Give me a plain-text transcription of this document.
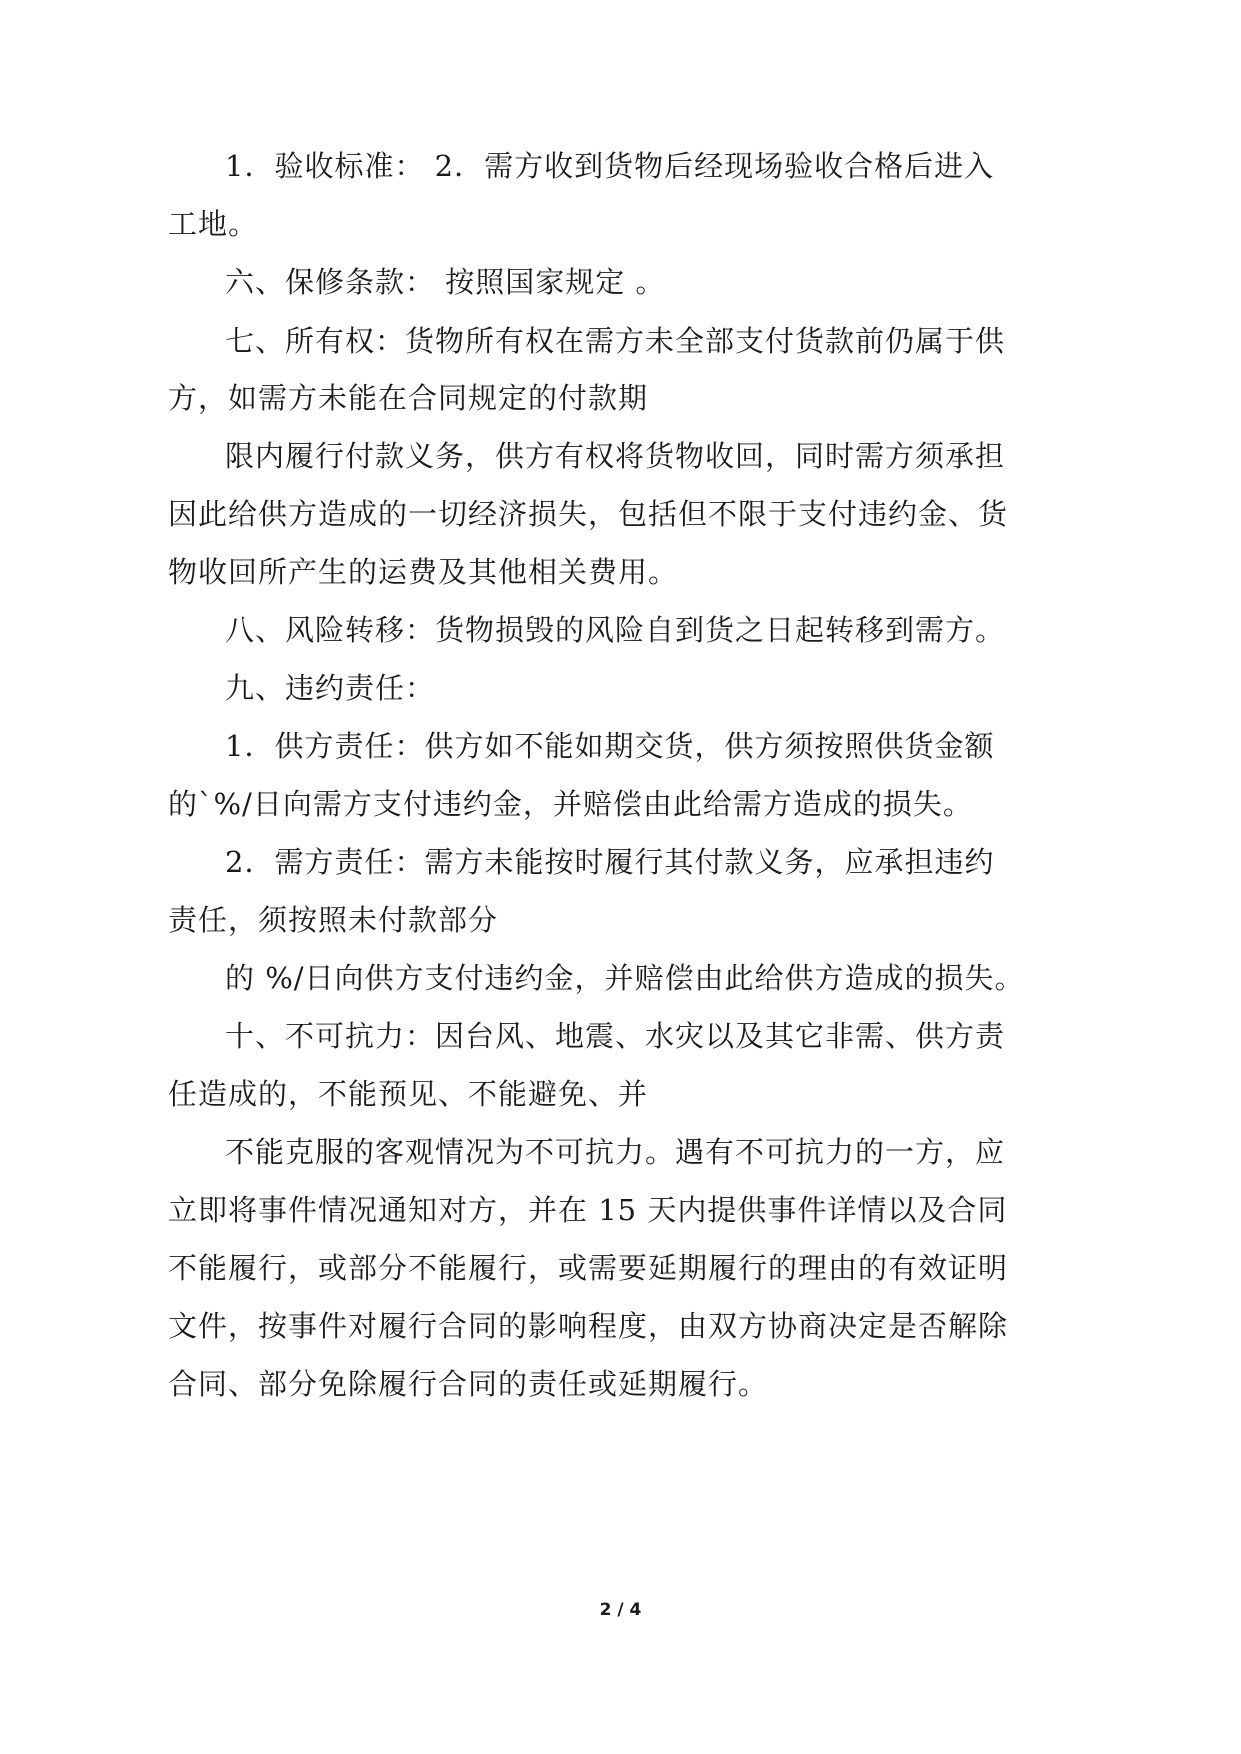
1．验收标准： 2．需方收到货物后经现场验收合格后进入
工地。
六、保修条款： 按照国家规定 。
七、所有权：货物所有权在需方未全部支付货款前仍属于供
方，如需方未能在合同规定的付款期
限内履行付款义务，供方有权将货物收回，同时需方须承担
因此给供方造成的一切经济损失，包括但不限于支付违约金、货
物收回所产生的运费及其他相关费用。
八、风险转移：货物损毁的风险自到货之日起转移到需方。
九、违约责任：
1．供方责任：供方如不能如期交货，供方须按照供货金额
的`%/日向需方支付违约金，并赔偿由此给需方造成的损失。
2．需方责任：需方未能按时履行其付款义务，应承担违约
责任，须按照未付款部分
的 %/日向供方支付违约金，并赔偿由此给供方造成的损失。
十、不可抗力：因台风、地震、水灾以及其它非需、供方责
任造成的，不能预见、不能避免、并
不能克服的客观情况为不可抗力。遇有不可抗力的一方，应
立即将事件情况通知对方，并在 15 天内提供事件详情以及合同
不能履行，或部分不能履行，或需要延期履行的理由的有效证明
文件，按事件对履行合同的影响程度，由双方协商决定是否解除
合同、部分免除履行合同的责任或延期履行。
2 / 4
